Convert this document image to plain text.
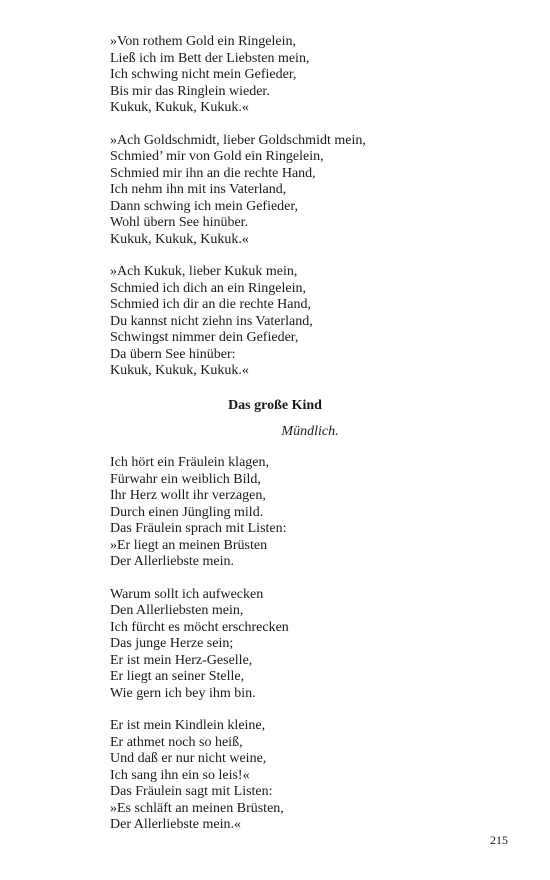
»Von rothem Gold ein Ringelein,
Ließ ich im Bett der Liebsten mein,
Ich schwing nicht mein Gefieder,
Bis mir das Ringlein wieder.
Kukuk, Kukuk, Kukuk.«
»Ach Goldschmidt, lieber Goldschmidt mein,
Schmied’ mir von Gold ein Ringelein,
Schmied mir ihn an die rechte Hand,
Ich nehm ihn mit ins Vaterland,
Dann schwing ich mein Gefieder,
Wohl übern See hinüber.
Kukuk, Kukuk, Kukuk.«
»Ach Kukuk, lieber Kukuk mein,
Schmied ich dich an ein Ringelein,
Schmied ich dir an die rechte Hand,
Du kannst nicht ziehn ins Vaterland,
Schwingst nimmer dein Gefieder,
Da übern See hinüber:
Kukuk, Kukuk, Kukuk.«
Das große Kind
Mündlich.
Ich hört ein Fräulein klagen,
Fürwahr ein weiblich Bild,
Ihr Herz wollt ihr verzagen,
Durch einen Jüngling mild.
Das Fräulein sprach mit Listen:
»Er liegt an meinen Brüsten
Der Allerliebste mein.
Warum sollt ich aufwecken
Den Allerliebsten mein,
Ich fürcht es möcht erschrecken
Das junge Herze sein;
Er ist mein Herz-Geselle,
Er liegt an seiner Stelle,
Wie gern ich bey ihm bin.
Er ist mein Kindlein kleine,
Er athmet noch so heiß,
Und daß er nur nicht weine,
Ich sang ihn ein so leis!«
Das Fräulein sagt mit Listen:
»Es schläft an meinen Brüsten,
Der Allerliebste mein.«
215
